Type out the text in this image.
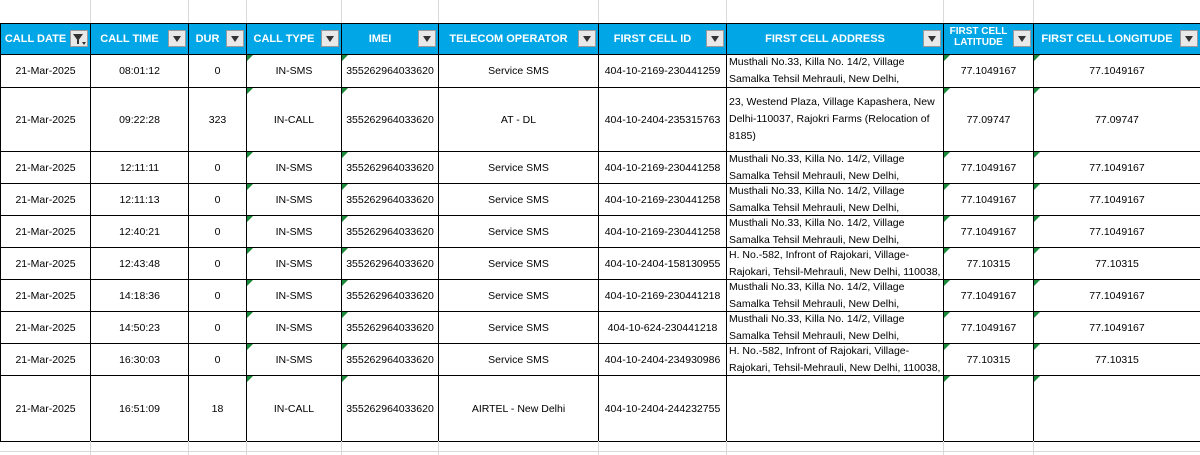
CALL DATE	CALL TIME	DUR	CALL TYPE	IMEI	TELECOM OPERATOR	FIRST CELL ID	FIRST CELL ADDRESS	FIRST CELL LATITUDE	FIRST CELL LONGITUDE

21-Mar-2025	08:01:12	0	IN-SMS	355262964033620	Service SMS	404-10-2169-230441259	Musthali No.33, Killa No. 14/2, Village Samalka Tehsil Mehrauli, New Delhi,	77.1049167	77.1049167
21-Mar-2025	09:22:28	323	IN-CALL	355262964033620	AT - DL	404-10-2404-235315763	23, Westend Plaza, Village Kapashera, New Delhi-110037, Rajokri Farms (Relocation of 8185)	77.09747	77.09747
21-Mar-2025	12:11:11	0	IN-SMS	355262964033620	Service SMS	404-10-2169-230441258	Musthali No.33, Killa No. 14/2, Village Samalka Tehsil Mehrauli, New Delhi,	77.1049167	77.1049167
21-Mar-2025	12:11:13	0	IN-SMS	355262964033620	Service SMS	404-10-2169-230441258	Musthali No.33, Killa No. 14/2, Village Samalka Tehsil Mehrauli, New Delhi,	77.1049167	77.1049167
21-Mar-2025	12:40:21	0	IN-SMS	355262964033620	Service SMS	404-10-2169-230441258	Musthali No.33, Killa No. 14/2, Village Samalka Tehsil Mehrauli, New Delhi,	77.1049167	77.1049167
21-Mar-2025	12:43:48	0	IN-SMS	355262964033620	Service SMS	404-10-2404-158130955	H. No.-582, Infront of Rajokari, Village- Rajokari, Tehsil-Mehrauli, New Delhi, 110038,	77.10315	77.10315
21-Mar-2025	14:18:36	0	IN-SMS	355262964033620	Service SMS	404-10-2169-230441218	Musthali No.33, Killa No. 14/2, Village Samalka Tehsil Mehrauli, New Delhi,	77.1049167	77.1049167
21-Mar-2025	14:50:23	0	IN-SMS	355262964033620	Service SMS	404-10-624-230441218	Musthali No.33, Killa No. 14/2, Village Samalka Tehsil Mehrauli, New Delhi,	77.1049167	77.1049167
21-Mar-2025	16:30:03	0	IN-SMS	355262964033620	Service SMS	404-10-2404-234930986	H. No.-582, Infront of Rajokari, Village- Rajokari, Tehsil-Mehrauli, New Delhi, 110038,	77.10315	77.10315
21-Mar-2025	16:51:09	18	IN-CALL	355262964033620	AIRTEL - New Delhi	404-10-2404-244232755	
